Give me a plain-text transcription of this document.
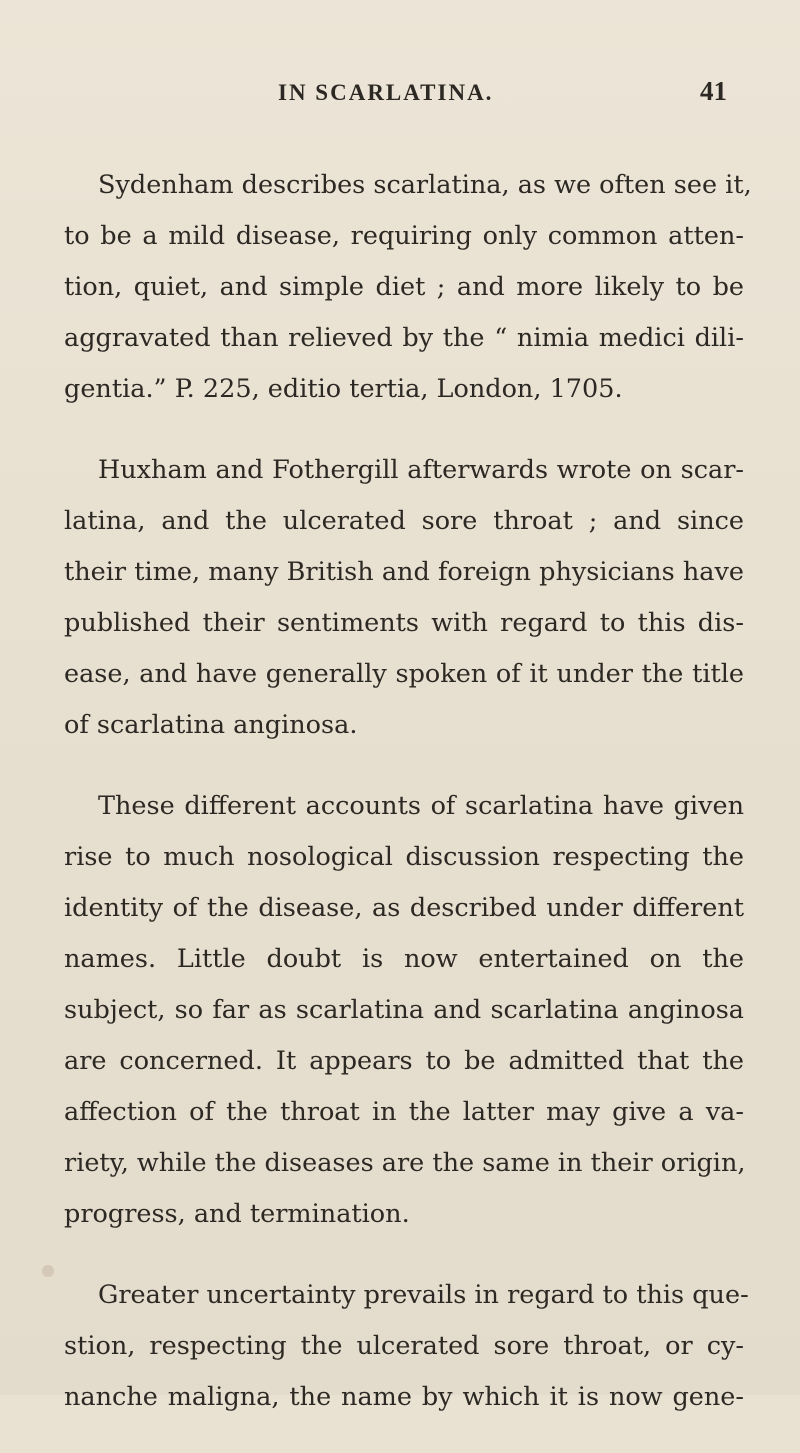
IN SCARLATINA.	41
Sydenham describes scarlatina, as we often see it,
to be a mild disease, requiring only common atten-
tion, quiet, and simple diet ; and more likely to be
aggravated than relieved by the “ nimia medici dili-
gentia.” P. 225, editio tertia, London, 1705.
Huxham and Fothergill afterwards wrote on scar-
latina, and the ulcerated sore throat ; and since
their time, many British and foreign physicians have
published their sentiments with regard to this dis-
ease, and have generally spoken of it under the title
of scarlatina anginosa.
These different accounts of scarlatina have given
rise to much nosological discussion respecting the
identity of the disease, as described under different
names. Little doubt is now entertained on the
subject, so far as scarlatina and scarlatina anginosa
are concerned. It appears to be admitted that the
affection of the throat in the latter may give a va-
riety, while the diseases are the same in their origin,
progress, and termination.
Greater uncertainty prevails in regard to this que-
stion, respecting the ulcerated sore throat, or cy-
nanche maligna, the name by which it is now gene-
